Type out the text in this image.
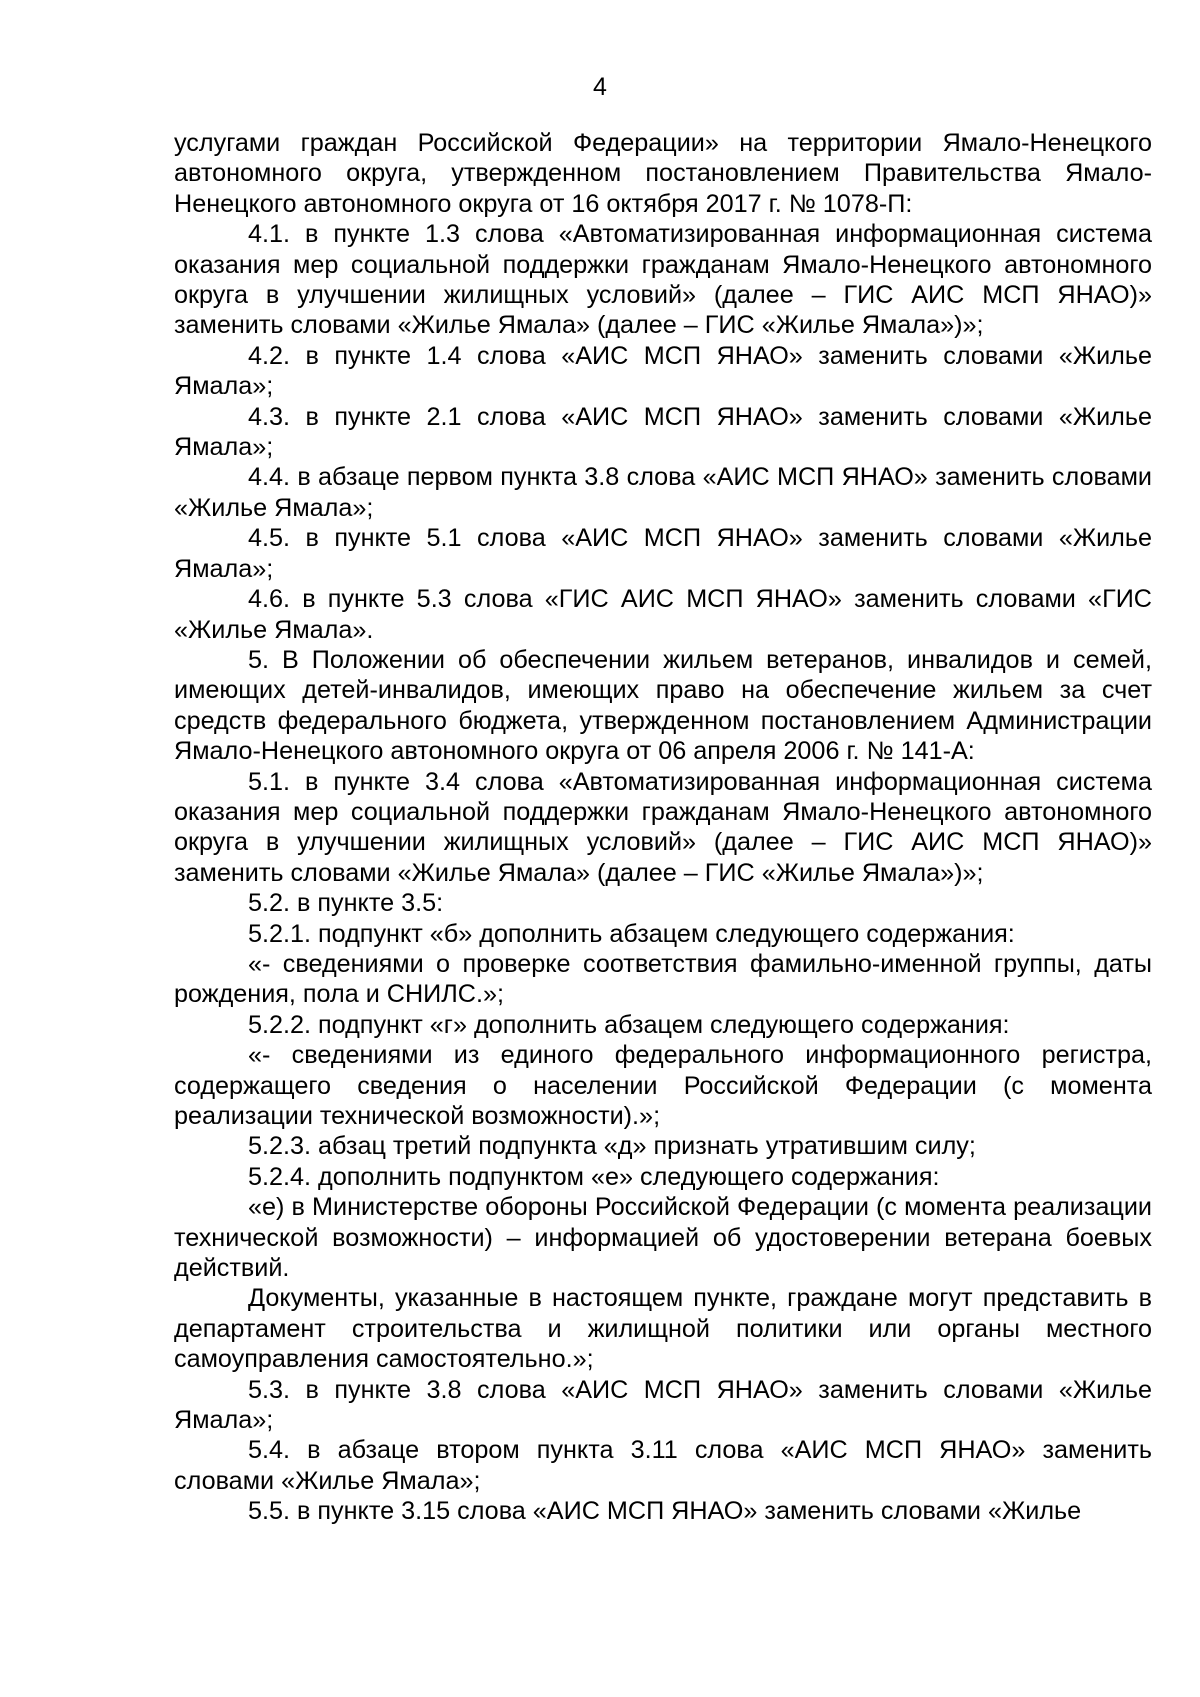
4

услугами граждан Российской Федерации» на территории Ямало-Ненецкого автономного округа, утвержденном постановлением Правительства Ямало-Ненецкого автономного округа от 16 октября 2017 г. № 1078-П:

4.1. в пункте 1.3 слова «Автоматизированная информационная система оказания мер социальной поддержки гражданам Ямало-Ненецкого автономного округа в улучшении жилищных условий» (далее – ГИС АИС МСП ЯНАО)» заменить словами «Жилье Ямала» (далее – ГИС «Жилье Ямала»)»;

4.2. в пункте 1.4 слова «АИС МСП ЯНАО» заменить словами «Жилье Ямала»;

4.3. в пункте 2.1 слова «АИС МСП ЯНАО» заменить словами «Жилье Ямала»;

4.4. в абзаце первом пункта 3.8 слова «АИС МСП ЯНАО» заменить словами «Жилье Ямала»;

4.5. в пункте 5.1 слова «АИС МСП ЯНАО» заменить словами «Жилье Ямала»;

4.6. в пункте 5.3 слова «ГИС АИС МСП ЯНАО» заменить словами «ГИС «Жилье Ямала».

5. В Положении об обеспечении жильем ветеранов, инвалидов и семей, имеющих детей-инвалидов, имеющих право на обеспечение жильем за счет средств федерального бюджета, утвержденном постановлением Администрации Ямало-Ненецкого автономного округа от 06 апреля 2006 г. № 141-А:

5.1. в пункте 3.4 слова «Автоматизированная информационная система оказания мер социальной поддержки гражданам Ямало-Ненецкого автономного округа в улучшении жилищных условий» (далее – ГИС АИС МСП ЯНАО)» заменить словами «Жилье Ямала» (далее – ГИС «Жилье Ямала»)»;

5.2. в пункте 3.5:

5.2.1. подпункт «б» дополнить абзацем следующего содержания:

«- сведениями о проверке соответствия фамильно-именной группы, даты рождения, пола и СНИЛС.»;

5.2.2. подпункт «г» дополнить абзацем следующего содержания:

«- сведениями из единого федерального информационного регистра, содержащего сведения о населении Российской Федерации (с момента реализации технической возможности).»;

5.2.3. абзац третий подпункта «д» признать утратившим силу;

5.2.4. дополнить подпунктом «е» следующего содержания:

«е) в Министерстве обороны Российской Федерации (с момента реализации технической возможности) – информацией об удостоверении ветерана боевых действий.

Документы, указанные в настоящем пункте, граждане могут представить в департамент строительства и жилищной политики или органы местного самоуправления самостоятельно.»;

5.3. в пункте 3.8 слова «АИС МСП ЯНАО» заменить словами «Жилье Ямала»;

5.4. в абзаце втором пункта 3.11 слова «АИС МСП ЯНАО» заменить словами «Жилье Ямала»;

5.5. в пункте 3.15 слова «АИС МСП ЯНАО» заменить словами «Жилье
